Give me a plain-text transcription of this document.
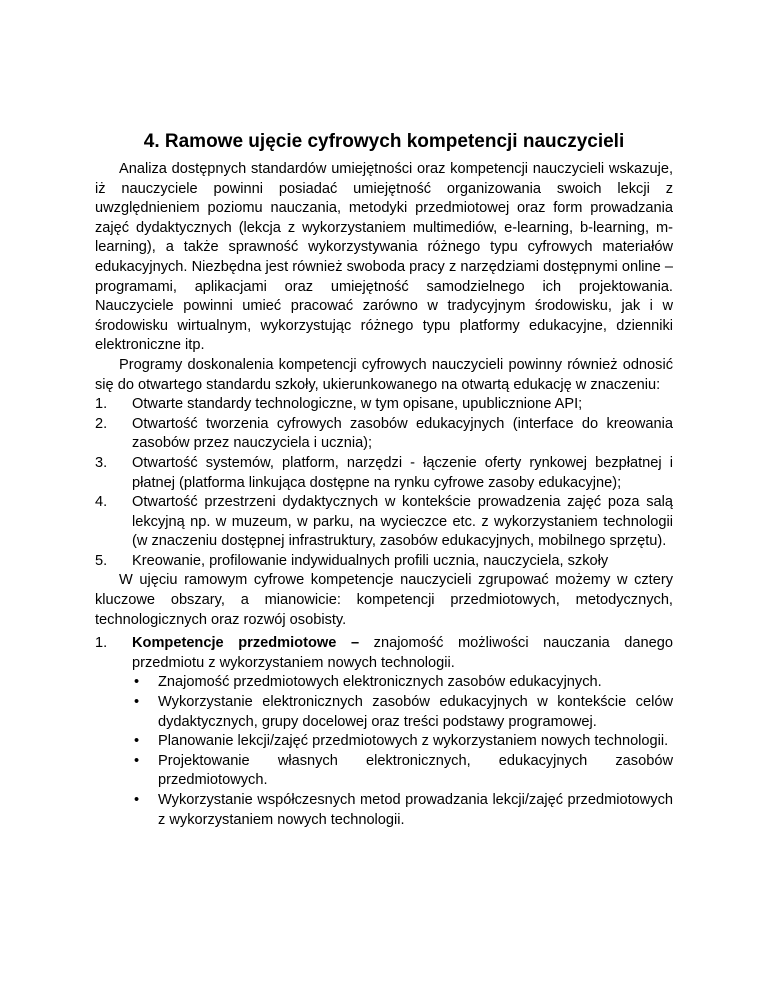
4. Ramowe ujęcie cyfrowych kompetencji nauczycieli

Analiza dostępnych standardów umiejętności oraz kompetencji nauczycieli wskazuje, iż nauczyciele powinni posiadać umiejętność organizowania swoich lekcji z uwzględnieniem poziomu nauczania, metodyki przedmiotowej oraz form prowadzania zajęć dydaktycznych (lekcja z wykorzystaniem multimediów, e-learning, b-learning, m-learning), a także sprawność wykorzystywania różnego typu cyfrowych materiałów edukacyjnych. Niezbędna jest również swoboda pracy z narzędziami dostępnymi online – programami, aplikacjami oraz umiejętność samodzielnego ich projektowania. Nauczyciele powinni umieć pracować zarówno w tradycyjnym środowisku, jak i w środowisku wirtualnym, wykorzystując różnego typu platformy edukacyjne, dzienniki elektroniczne itp.

Programy doskonalenia kompetencji cyfrowych nauczycieli powinny również odnosić się do otwartego standardu szkoły, ukierunkowanego na otwartą edukację w znaczeniu:

1.	Otwarte standardy technologiczne, w tym opisane, upublicznione API;
2.	Otwartość tworzenia cyfrowych zasobów edukacyjnych (interface do kreowania zasobów przez nauczyciela i ucznia);
3.	Otwartość systemów, platform, narzędzi - łączenie oferty rynkowej bezpłatnej i płatnej (platforma linkująca dostępne na rynku cyfrowe zasoby edukacyjne);
4.	Otwartość przestrzeni dydaktycznych w kontekście prowadzenia zajęć poza salą lekcyjną np. w muzeum, w parku, na wycieczce etc. z wykorzystaniem technologii (w znaczeniu dostępnej infrastruktury, zasobów edukacyjnych, mobilnego sprzętu).
5.	Kreowanie, profilowanie indywidualnych profili ucznia, nauczyciela, szkoły

W ujęciu ramowym cyfrowe kompetencje nauczycieli zgrupować możemy w cztery kluczowe obszary, a mianowicie: kompetencji przedmiotowych, metodycznych, technologicznych oraz rozwój osobisty.

1.	Kompetencje przedmiotowe – znajomość możliwości nauczania danego przedmiotu z wykorzystaniem nowych technologii.

•	Znajomość przedmiotowych elektronicznych zasobów edukacyjnych.
•	Wykorzystanie elektronicznych zasobów edukacyjnych w kontekście celów dydaktycznych, grupy docelowej oraz treści podstawy programowej.
•	Planowanie lekcji/zajęć przedmiotowych z wykorzystaniem nowych technologii.
•	Projektowanie własnych elektronicznych, edukacyjnych zasobów przedmiotowych.
•	Wykorzystanie współczesnych metod prowadzania lekcji/zajęć przedmiotowych z wykorzystaniem nowych technologii.
